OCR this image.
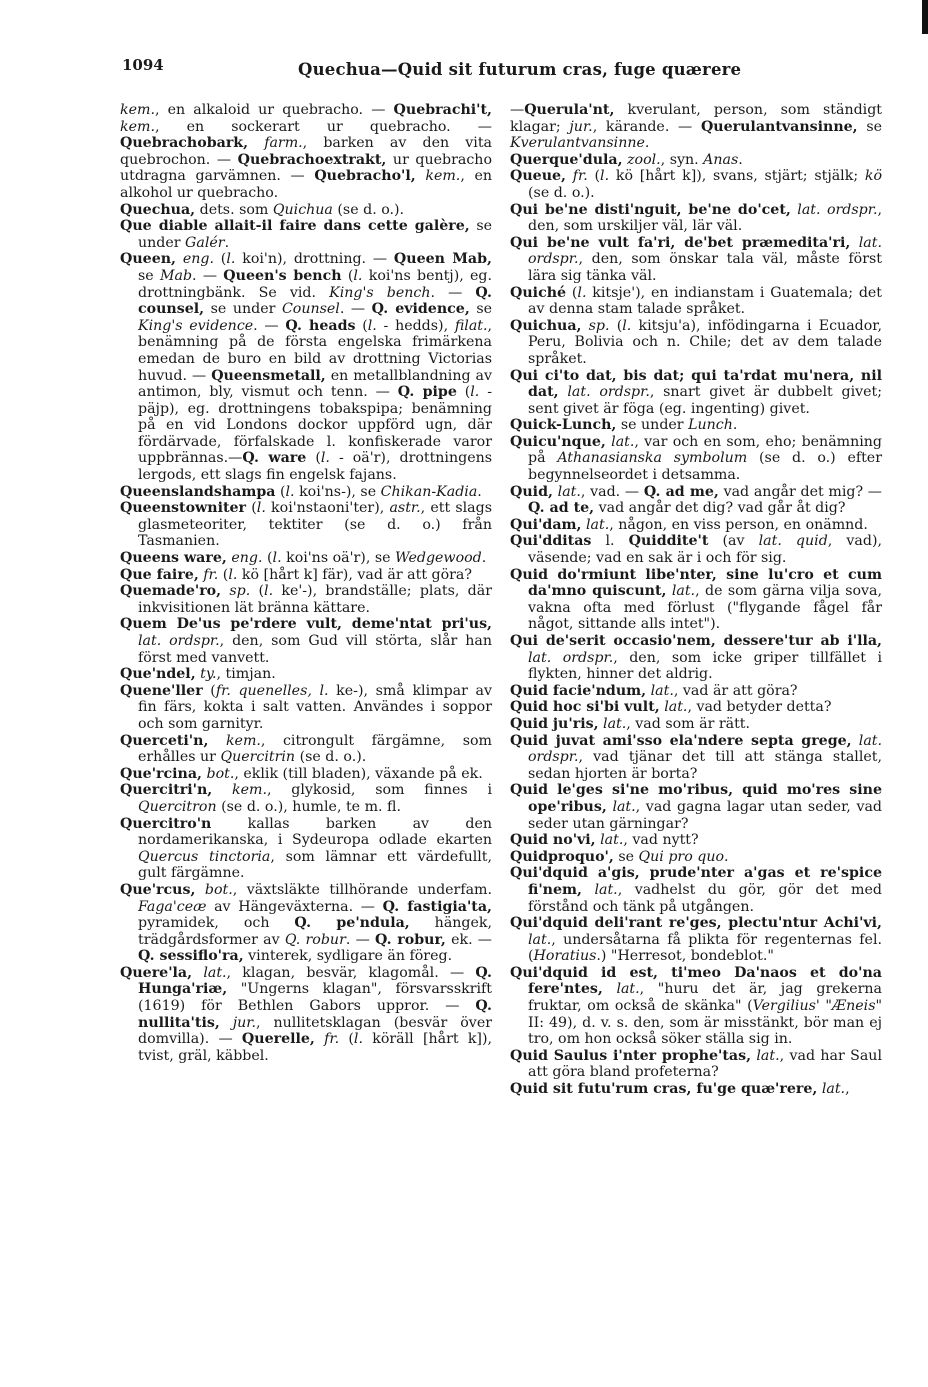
1094	Quechua—Quid sit futurum cras, fuge quærere

kem., en alkaloid ur quebracho. — Quebrachi't, kem., en sockerart ur quebracho. — Quebrachobark, farm., barken av den vita quebrochon. — Quebrachoextrakt, ur quebracho utdragna garvämnen. — Quebracho'l, kem., en alkohol ur quebracho.

Quechua, dets. som Quichua (se d. o.).

Que diable allait-il faire dans cette galère, se under Galér.

Queen, eng. (l. koi'n), drottning. — Queen Mab, se Mab. — Queen's bench (l. koi'ns bentj), eg. drottningbänk. Se vid. King's bench. — Q. counsel, se under Counsel. — Q. evidence, se King's evidence. — Q. heads (l. - hedds), filat., benämning på de första engelska frimärkena emedan de buro en bild av drottning Victorias huvud. — Queensmetall, en metallblandning av antimon, bly, vismut och tenn. — Q. pipe (l. - päjp), eg. drottningens tobakspipa; benämning på en vid Londons dockor uppförd ugn, där fördärvade, förfalskade l. konfiskerade varor uppbrännas.—Q. ware (l. - oä'r), drottningens lergods, ett slags fin engelsk fajans.

Queenslandshampa (l. koi'ns-), se Chikan-Kadia.

Queenstowniter (l. koi'nstaoni'ter), astr., ett slags glasmeteoriter, tektiter (se d. o.) från Tasmanien.

Queens ware, eng. (l. koi'ns oä'r), se Wedgewood.

Que faire, fr. (l. kö [hårt k] fär), vad är att göra?

Quemade'ro, sp. (l. ke'-), brandställe; plats, där inkvisitionen lät bränna kättare.

Quem De'us pe'rdere vult, deme'ntat pri'us, lat. ordspr., den, som Gud vill störta, slår han först med vanvett.

Que'ndel, ty., timjan.

Quene'ller (fr. quenelles, l. ke-), små klimpar av fin färs, kokta i salt vatten. Användes i soppor och som garnityr.

Querceti'n, kem., citrongult färgämne, som erhålles ur Quercitrin (se d. o.).

Que'rcina, bot., eklik (till bladen), växande på ek.

Quercitri'n, kem., glykosid, som finnes i Quercitron (se d. o.), humle, te m. fl.

Quercitro'n kallas barken av den nordamerikanska, i Sydeuropa odlade ekarten Quercus tinctoria, som lämnar ett värdefullt, gult färgämne.

Que'rcus, bot., växtsläkte tillhörande underfam. Faga'ceæ av Hängeväxterna. — Q. fastigia'ta, pyramidek, och Q. pe'ndula, hängek, trädgårdsformer av Q. robur. — Q. robur, ek. — Q. sessiflo'ra, vinterek, sydligare än föreg.

Quere'la, lat., klagan, besvär, klagomål. — Q. Hunga'riæ, "Ungerns klagan", försvarsskrift (1619) för Bethlen Gabors uppror. — Q. nullita'tis, jur., nullitetsklagan (besvär över domvilla). — Querelle, fr. (l. köräll [hårt k]), tvist, gräl, käbbel.

—Querula'nt, kverulant, person, som ständigt klagar; jur., kärande. — Querulantvansinne, se Kverulantvansinne.

Querque'dula, zool., syn. Anas.

Queue, fr. (l. kö [hårt k]), svans, stjärt; stjälk; kö (se d. o.).

Qui be'ne disti'nguit, be'ne do'cet, lat. ordspr., den, som urskiljer väl, lär väl.

Qui be'ne vult fa'ri, de'bet præmedita'ri, lat. ordspr., den, som önskar tala väl, måste först lära sig tänka väl.

Quiché (l. kitsje'), en indianstam i Guatemala; det av denna stam talade språket.

Quichua, sp. (l. kitsju'a), infödingarna i Ecuador, Peru, Bolivia och n. Chile; det av dem talade språket.

Qui ci'to dat, bis dat; qui ta'rdat mu'nera, nil dat, lat. ordspr., snart givet är dubbelt givet; sent givet är föga (eg. ingenting) givet.

Quick-Lunch, se under Lunch.

Quicu'nque, lat., var och en som, eho; benämning på Athanasianska symbolum (se d. o.) efter begynnelseordet i detsamma.

Quid, lat., vad. — Q. ad me, vad angår det mig? — Q. ad te, vad angår det dig? vad går åt dig?

Qui'dam, lat., någon, en viss person, en onämnd.

Qui'dditas l. Quiddite't (av lat. quid, vad), väsende; vad en sak är i och för sig.

Quid do'rmiunt libe'nter, sine lu'cro et cum da'mno quiscunt, lat., de som gärna vilja sova, vakna ofta med förlust ("flygande fågel får något, sittande alls intet").

Qui de'serit occasio'nem, dessere'tur ab i'lla, lat. ordspr., den, som icke griper tillfället i flykten, hinner det aldrig.

Quid facie'ndum, lat., vad är att göra?

Quid hoc si'bi vult, lat., vad betyder detta?

Quid ju'ris, lat., vad som är rätt.

Quid juvat ami'sso ela'ndere septa grege, lat. ordspr., vad tjänar det till att stänga stallet, sedan hjorten är borta?

Quid le'ges si'ne mo'ribus, quid mo'res sine ope'ribus, lat., vad gagna lagar utan seder, vad seder utan gärningar?

Quid no'vi, lat., vad nytt?

Quidproquo', se Qui pro quo.

Qui'dquid a'gis, prude'nter a'gas et re'spice fi'nem, lat., vadhelst du gör, gör det med förstånd och tänk på utgången.

Qui'dquid deli'rant re'ges, plectu'ntur Achi'vi, lat., undersåtarna få plikta för regenternas fel. (Horatius.) "Herresot, bondeblot."

Qui'dquid id est, ti'meo Da'naos et do'na fere'ntes, lat., "huru det är, jag grekerna fruktar, om också de skänka" (Vergilius' "Æneis" II: 49), d. v. s. den, som är misstänkt, bör man ej tro, om hon också söker ställa sig in.

Quid Saulus i'nter prophe'tas, lat., vad har Saul att göra bland profeterna?

Quid sit futu'rum cras, fu'ge quæ'rere, lat.,
